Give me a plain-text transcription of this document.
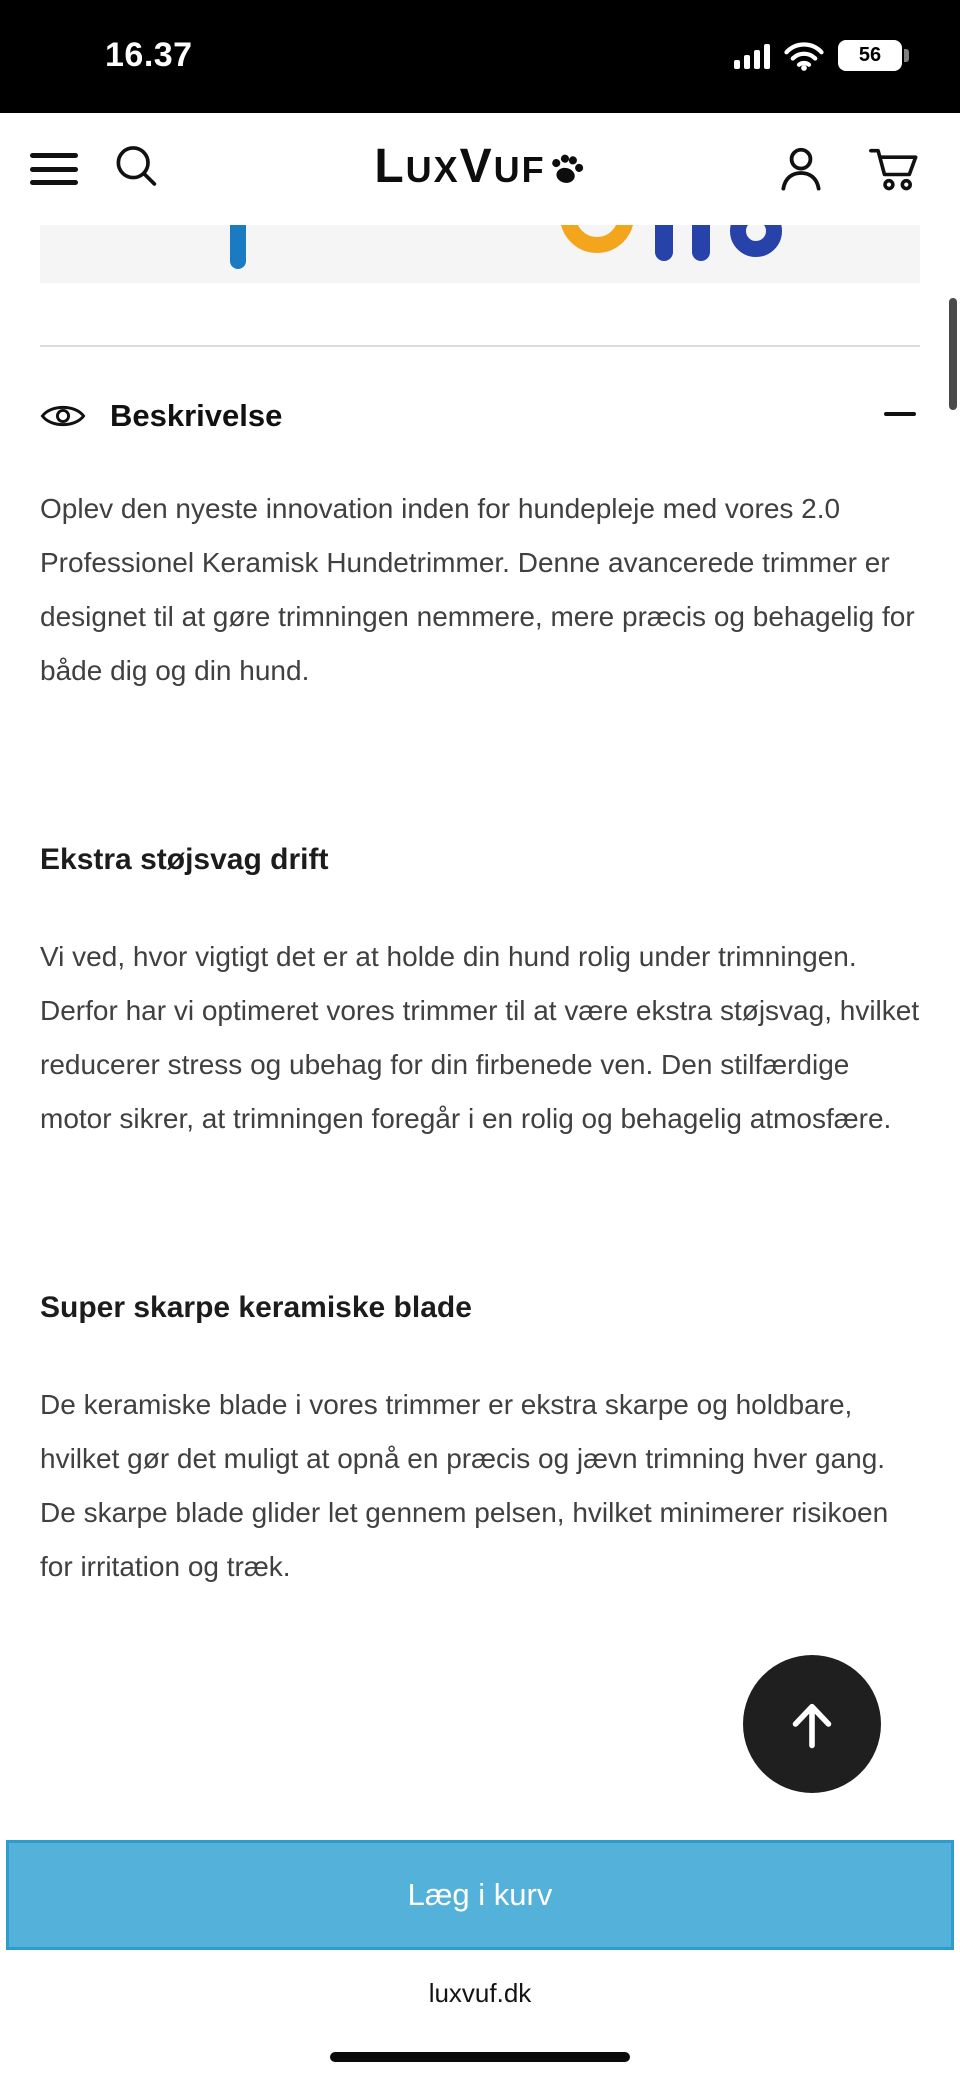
16.37	56
L UX V UF
Beskrivelse

Oplev den nyeste innovation inden for hundepleje med vores 2.0 Professionel Keramisk Hundetrimmer. Denne avancerede trimmer er designet til at gøre trimningen nemmere, mere præcis og behagelig for både dig og din hund.

Ekstra støjsvag drift

Vi ved, hvor vigtigt det er at holde din hund rolig under trimningen. Derfor har vi optimeret vores trimmer til at være ekstra støjsvag, hvilket reducerer stress og ubehag for din firbenede ven. Den stilfærdige motor sikrer, at trimningen foregår i en rolig og behagelig atmosfære.

Super skarpe keramiske blade

De keramiske blade i vores trimmer er ekstra skarpe og holdbare, hvilket gør det muligt at opnå en præcis og jævn trimning hver gang. De skarpe blade glider let gennem pelsen, hvilket minimerer risikoen for irritation og træk.

Læg i kurv
luxvuf.dk
